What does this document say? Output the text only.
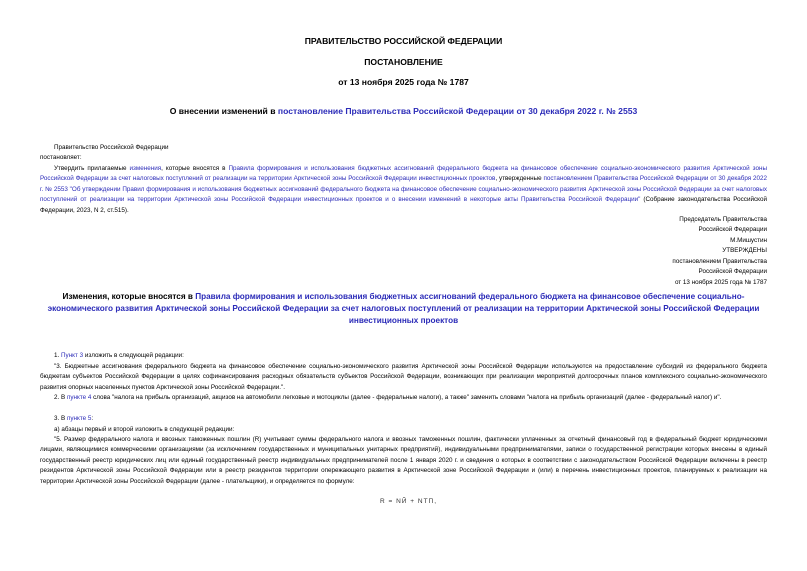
ПРАВИТЕЛЬСТВО РОССИЙСКОЙ ФЕДЕРАЦИИ
ПОСТАНОВЛЕНИЕ
от 13 ноября 2025 года № 1787
О внесении изменений в постановление Правительства Российской Федерации от 30 декабря 2022 г. № 2553
Правительство Российской Федерации
постановляет:
Утвердить прилагаемые изменения, которые вносятся в Правила формирования и использования бюджетных ассигнований федерального бюджета на финансовое обеспечение социально-экономического развития Арктической зоны Российской Федерации за счет налоговых поступлений от реализации на территории Арктической зоны Российской Федерации инвестиционных проектов, утвержденные постановлением Правительства Российской Федерации от 30 декабря 2022 г. № 2553 "Об утверждении Правил формирования и использования бюджетных ассигнований федерального бюджета на финансовое обеспечение социально-экономического развития Арктической зоны Российской Федерации за счет налоговых поступлений от реализации на территории Арктической зоны Российской Федерации инвестиционных проектов и о внесении изменений в некоторые акты Правительства Российской Федерации" (Собрание законодательства Российской Федерации, 2023, N 2, ст.515).
Председатель Правительства
Российской Федерации
М.Мишустин
УТВЕРЖДЕНЫ
постановлением Правительства
Российской Федерации
от 13 ноября 2025 года № 1787
Изменения, которые вносятся в Правила формирования и использования бюджетных ассигнований федерального бюджета на финансовое обеспечение социально-экономического развития Арктической зоны Российской Федерации за счет налоговых поступлений от реализации на территории Арктической зоны Российской Федерации инвестиционных проектов
1. Пункт 3 изложить в следующей редакции:
"3. Бюджетные ассигнования федерального бюджета на финансовое обеспечение социально-экономического развития Арктической зоны Российской Федерации используются на предоставление субсидий из федерального бюджета бюджетам субъектов Российской Федерации в целях софинансирования расходных обязательств субъектов Российской Федерации, возникающих при реализации мероприятий долгосрочных планов комплексного социально-экономического развития опорных населенных пунктов Арктической зоны Российской Федерации.".
2. В пункте 4 слова "налога на прибыль организаций, акцизов на автомобили легковые и мотоциклы (далее - федеральные налоги), а также" заменить словами "налога на прибыль организаций (далее - федеральный налог) и".
3. В пункте 5:
а) абзацы первый и второй изложить в следующей редакции:
"5. Размер федерального налога и ввозных таможенных пошлин (R) учитывает суммы федерального налога и ввозных таможенных пошлин, фактически уплаченных за отчетный финансовый год в федеральный бюджет юридическими лицами, являющимися коммерческими организациями (за исключением государственных и муниципальных унитарных предприятий), индивидуальными предпринимателями, записи о государственной регистрации которых внесены в единый государственный реестр юридических лиц или единый государственный реестр индивидуальных предпринимателей после 1 января 2020 г. и сведения о которых в соответствии с законодательством Российской Федерации включены в реестр резидентов Арктической зоны Российской Федерации или в реестр резидентов территории опережающего развития в Арктической зоне Российской Федерации и (или) в перечень инвестиционных проектов, планируемых к реализации на территории Арктической зоны Российской Федерации (далее - плательщики), и определяется по формуле:
R = NЙ + NТП,
